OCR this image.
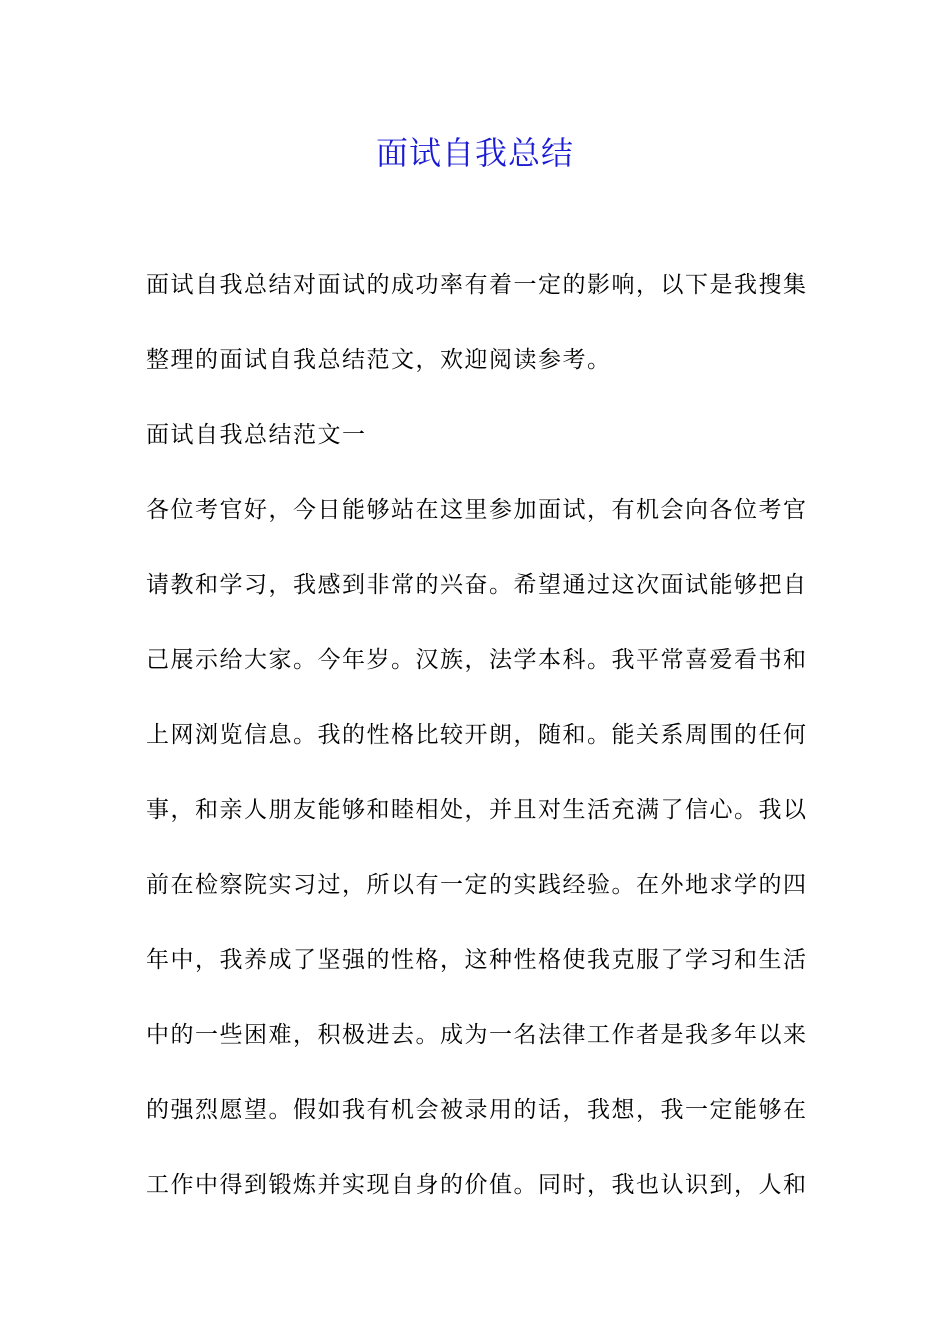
面试自我总结
面试自我总结对面试的成功率有着一定的影响，以下是我搜集
整理的面试自我总结范文，欢迎阅读参考。
面试自我总结范文一
各位考官好，今日能够站在这里参加面试，有机会向各位考官
请教和学习，我感到非常的兴奋。希望通过这次面试能够把自
己展示给大家。今年岁。汉族，法学本科。我平常喜爱看书和
上网浏览信息。我的性格比较开朗，随和。能关系周围的任何
事，和亲人朋友能够和睦相处，并且对生活充满了信心。我以
前在检察院实习过，所以有一定的实践经验。在外地求学的四
年中，我养成了坚强的性格，这种性格使我克服了学习和生活
中的一些困难，积极进去。成为一名法律工作者是我多年以来
的强烈愿望。假如我有机会被录用的话，我想，我一定能够在
工作中得到锻炼并实现自身的价值。同时，我也认识到，人和
